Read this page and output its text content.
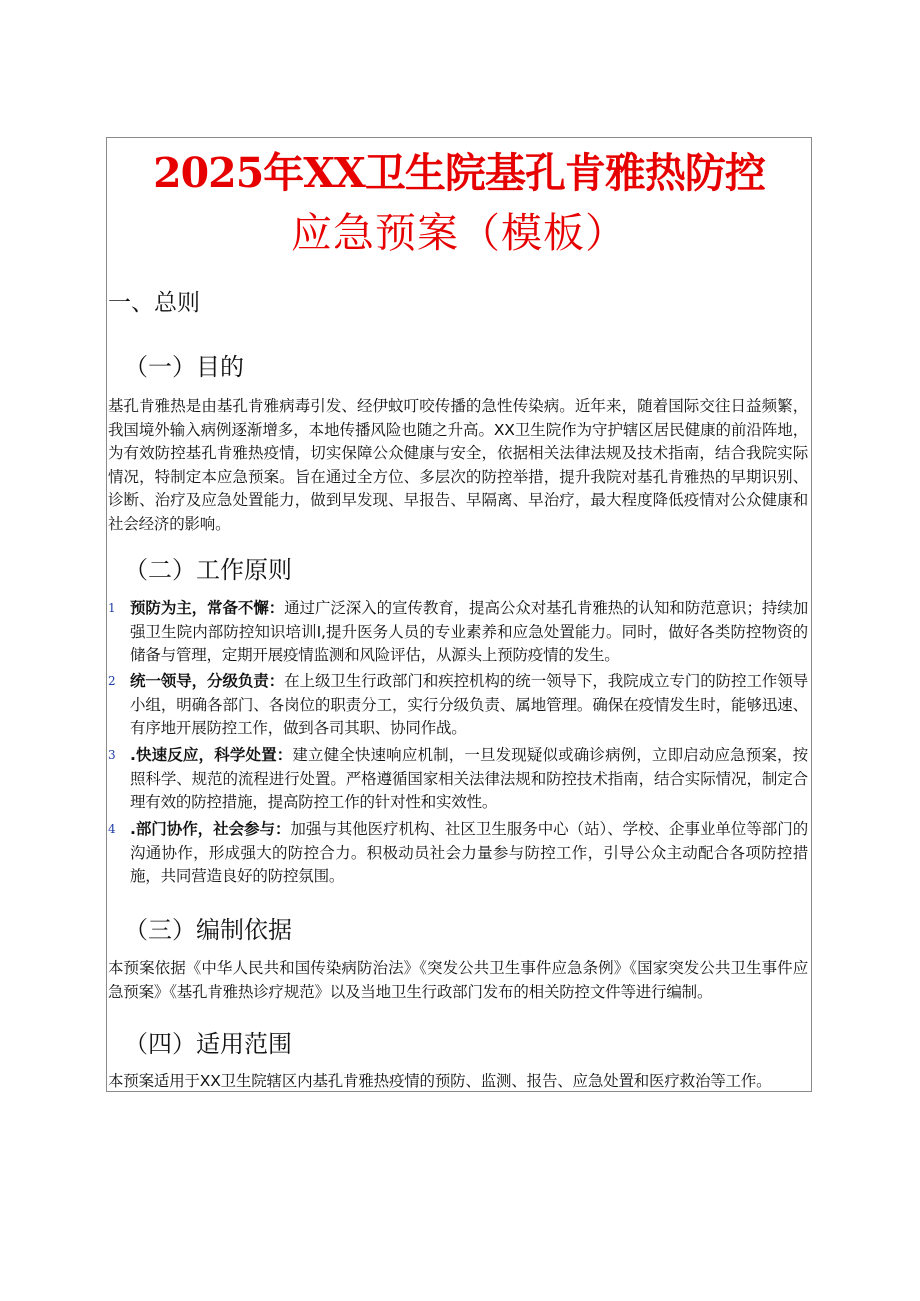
2025年XX卫生院基孔肯雅热防控
应急预案（模板）
一、总则
（一）目的
基孔肯雅热是由基孔肯雅病毒引发、经伊蚊叮咬传播的急性传染病。近年来，随着国际交往日益频繁，我国境外输入病例逐渐增多，本地传播风险也随之升高。XX卫生院作为守护辖区居民健康的前沿阵地，为有效防控基孔肯雅热疫情，切实保障公众健康与安全，依据相关法律法规及技术指南，结合我院实际情况，特制定本应急预案。旨在通过全方位、多层次的防控举措，提升我院对基孔肯雅热的早期识别、诊断、治疗及应急处置能力，做到早发现、早报告、早隔离、早治疗，最大程度降低疫情对公众健康和社会经济的影响。
（二）工作原则
1 预防为主，常备不懈：通过广泛深入的宣传教育，提高公众对基孔肯雅热的认知和防范意识；持续加强卫生院内部防控知识培训I,提升医务人员的专业素养和应急处置能力。同时，做好各类防控物资的储备与管理，定期开展疫情监测和风险评估，从源头上预防疫情的发生。
2 统一领导，分级负责：在上级卫生行政部门和疾控机构的统一领导下，我院成立专门的防控工作领导小组，明确各部门、各岗位的职责分工，实行分级负责、属地管理。确保在疫情发生时，能够迅速、有序地开展防控工作，做到各司其职、协同作战。
3 .快速反应，科学处置：建立健全快速响应机制，一旦发现疑似或确诊病例，立即启动应急预案，按照科学、规范的流程进行处置。严格遵循国家相关法律法规和防控技术指南，结合实际情况，制定合理有效的防控措施，提高防控工作的针对性和实效性。
4 .部门协作，社会参与：加强与其他医疗机构、社区卫生服务中心（站）、学校、企事业单位等部门的沟通协作，形成强大的防控合力。积极动员社会力量参与防控工作，引导公众主动配合各项防控措施，共同营造良好的防控氛围。
（三）编制依据
本预案依据《中华人民共和国传染病防治法》《突发公共卫生事件应急条例》《国家突发公共卫生事件应急预案》《基孔肯雅热诊疗规范》以及当地卫生行政部门发布的相关防控文件等进行编制。
（四）适用范围
本预案适用于XX卫生院辖区内基孔肯雅热疫情的预防、监测、报告、应急处置和医疗救治等工作。
